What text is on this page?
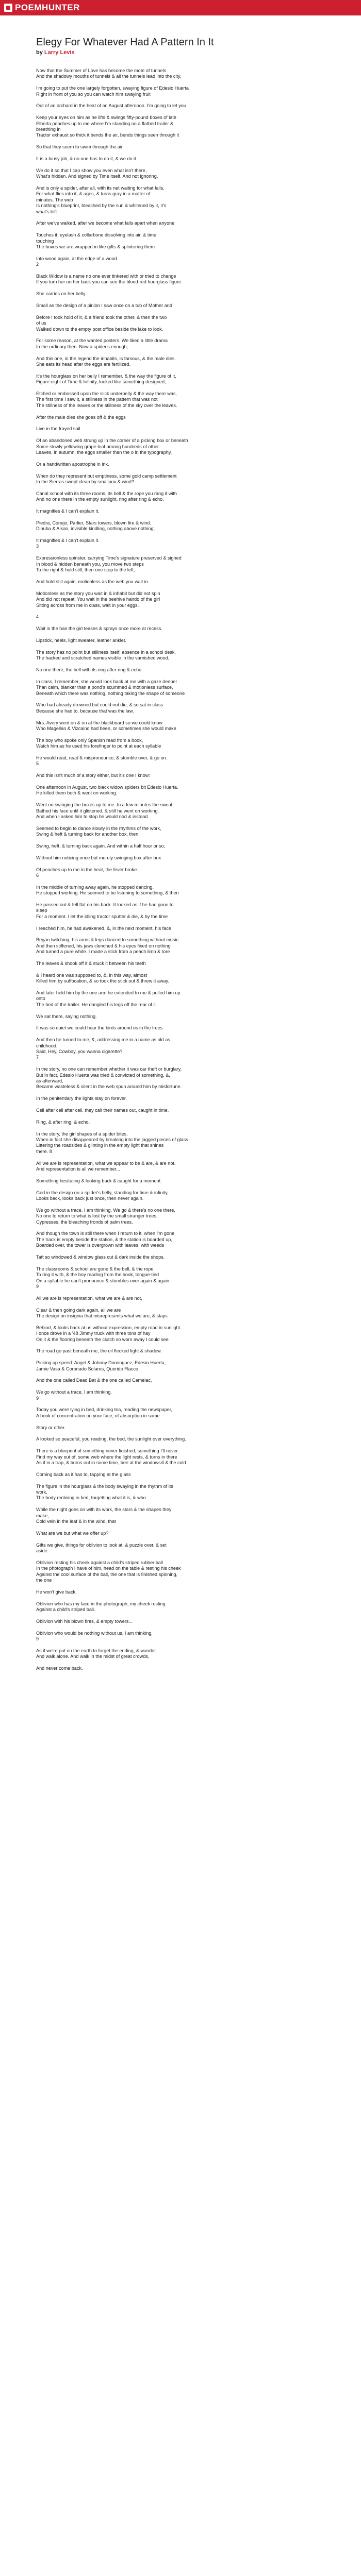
POEMHUNTER
Elegy For Whatever Had A Pattern In It
by Larry Levis

Now that the Summer of Love has become the mote of tunnels

And the shadowy mouths of tunnels & all the tunnels lead into the city,

I'm going to put the one largely forgotten, swaying figure of Edesio Huerta

Right in front of you so you can watch him swaying fruit

Out of an orchard in the heat of an August afternoon. I'm going to let you

Keep your eyes on him as he lifts & swings fifty-pound boxes of late

Elberta peaches up to me where I'm standing on a flatbed trailer &

breathing in

Tractor exhaust so thick it bends the air, bends things seen through it

So that they seem to swim through the air.

It is a lousy job, & no one has to do it, & we do it.

We do it so that I can show you even what isn't there,

What's hidden. And signed by Time itself. And not ignoring,

And is only a spider, after all, with its net waiting for what falls,

For what flies into it, & ages, & turns gray in a matter of

minutes. The web

Is nothing's blueprint, bleached by the sun & whitened by it, it's

what's left

After we've walked, after we become what falls apart when anyone

Touches it, eyelash & collarbone dissolving into air, & time

touching

The boxes we are wrapped in like gifts & splintering them

Into wood again, at the edge of a wood.

2

Black Widow is a name no one ever tinkered with or tried to change

If you turn her on her back you can see the blood-red hourglass figure

She carries on her belly.

Small as the design of a pinion I saw once on a tub of Mother and

Before I took hold of it, & a friend took the other, & then the two

of us

Walked down to the empty post office beside the lake to look,

For some reason, at the wanted posters. We liked a little drama

In the ordinary then. Now a spider's enough;

And this one, in the legend the inhabits, is famous, & the male dies.

She eats its head after the eggs are fertilized.

It's the hourglass on her belly I remember, & the way the figure of it,

Figure eight of Time & Infinity, looked like something designed,

Etched or embossed upon the slick underbelly & the way there was,

The first time I saw it, a stillness in the pattern that was not

The stillness of the leaves or the stillness of the sky over the leaves.

After the male dies she goes off & the eggs

Live in the frayed sail

Of an abandoned web strung up in the corner of a picking box or beneath

Some slowly yellowing grape leaf among hundreds of other

Leaves, in autumn, the eggs smaller than the o in the typography,

Or a handwritten apostrophe in ink.

When do they represent but emptiness, some gold camp settlement

In the Sierras swept clean by smallpox & wind?

Canal school with its three rooms, its bell & the rope you rang it with

And no one there in the empty sunlight, ring after ring & echo.

It magnifies & I can't explain it.

Piedra, Conejo, Parlier, Stars towers, blown fire & wind.

Dinuba & Alkan, invisible kindling, nothing above nothing;

It magnifies & I can't explain it.

3

Expressionless spinster, carrying Time's signature preserved & signed

In blood & hidden beneath you, you move two steps

To the right & hold still, then one step to the left,

And hold still again, motionless as the web you wait in.

Motionless as the story you wait in & inhabit but did not spin

And did not repeat. You wait in the beehive hairdo of the girl

Sitting across from me in class, wait in your eggs.

4

Wait in the hair the girl teases & sprays once more at recess.

Lipstick, heels, light sweater, leather anklet.

The story has no point but stillness itself, absence in a school desk,

The hacked and scratched names visible in the varnished wood,

No one there, the bell with its ring after ring & echo.

In class, I remember, she would look back at me with a gaze deeper

Than calm, blanker than a pond's scummed & motionless surface,

Beneath which there was nothing, nothing taking the shape of someone

Who had already drowned but could not die, & so sat in class

Because she had to, because that was the law.

Mrs. Avery went on & on at the blackboard so we could know

Who Magellan & Vizcaino had been, or sometimes she would make

The boy who spoke only Spanish read from a book,

Watch him as he used his forefinger to point at each syllable

He would read, read & mispronounce, & stumble over, & go on.

5

And this isn't much of a story either, but it's one I know:

One afternoon in August, two black widow spiders bit Edesio Huerta.

He killed them both & went on working.

Went on swinging the boxes up to me. In a few minutes the sweat

Bathed his face until it glistened, & still he went on working.

And when I asked him to stop he would nod & instead

Seemed to begin to dance slowly in the rhythms of the work,

Swing & heft & turning back for another box, then

Swing, heft, & turning back again. And within a half hour or so,

Without him noticing once but merely swinging box after box

Of peaches up to me in the heat, the fever broke.

6

In the middle of turning away again, he stopped dancing.

He stopped working. He seemed to be listening to something, & then

He passed out & fell flat on his back. It looked as if he had gone to

sleep

For a moment. I let the idling tractor sputter & die, & by the time

I reached him, he had awakened, &, in the next moment, his face

Began twitching, his arms & legs danced to something without music

And then stiffened, his jaws clenched & his eyes fixed on nothing

And turned a pure white. I made a stick from a peach limb & tore

The leaves & shook off it & stuck it between his teeth

& I heard one was supposed to, &, in this way, almost

Killed him by suffocation, & so took the stick out & threw it away.

And later held him by the one arm he extended to me & pulled him up

onto

The bed of the trailer. He dangled his legs off the rear of it.

We sat there, saying nothing.

It was so quiet we could hear the birds around us in the trees.

And then he turned to me, &, addressing me in a name as old as

childhood,

Said, Hey, Cowboy, you wanna cigarette?

7

In the story, no one can remember whether it was car theft or burglary,

But in fact, Edesio Huerta was tried & convicted of something, &,

as afterward,

Became wasteless & silent in the web spun around him by misfortune.

In the penitentiary the lights stay on forever,

Cell after cell after cell, they call their names out, caught in time.

Ring, & after ring, & echo.

In the story, the girl shapes of a spider bites,

When in fact she disappeared by breaking into the jagged pieces of glass

Littering the roadsides & glinting in the empty light that shines

there. 8

All we are is representation, what we appear to be & are, & are not,

And representation is all we remember...

Something hesitating & looking back & caught for a moment.

God in the design on a spider's belly, standing for time & infinity,

Looks back, looks back just once, then never again.

We go without a trace, I am thinking. We go & there's no one there,

No one to return to what is lost by the small stranger trees,

Cypresses, the bleaching fronds of palm trees,

And though the town is still there when I return to it, when I'm gone

The track is empty beside the station, & the station is boarded up,

Boarded over, the tower is overgrown with leaves, with weeds

Taft so windowed & window glass cut & dark inside the shops.

The classrooms & school are gone & the bell, & the rope

To ring it with, & the boy reading from the book, tongue-tied

On a syllable he can't pronounce & stumbles over again & again.

9

All we are is representation, what we are & are not,

Clear & then going dark again, all we are

The design on insignia that misrepresents what we are, & stays

Behind, & looks back at us without expression, empty road in sunlight.

I once drove in a '48 Jimmy truck with three tons of hay

On it & the flooring beneath the clutch so worn away I could see

The road go past beneath me, the oil flecked light & shadow.

Picking up speed: Angel & Johnny Dominguez, Edesio Huerta,

Jamie Vasa & Coronado Solares, Querido Flacco

And the one called Dead Bat & the one called Camelac,

We go without a trace, I am thinking.

9

Today you were lying in bed, drinking tea, reading the newspaper,

A book of concentration on your face, of absorption in some

Story or other.

A looked so peaceful, you reading, the bed, the sunlight over everything.

There is a blueprint of something never finished, something I'll never

Find my way out of, some web where the light rests, & turns in there

As if in a trap, & burns out in some time, bee at the windowsill & the cold

Coming back as it has to, tapping at the glass

The figure in the hourglass & the body swaying in the rhythm of its

work,

The body reclining in bed, forgetting what it is, & who

While the night goes on with its work, the stars & the shapes they

make,

Cold vein in the leaf & in the wind, that

What are we but what we offer up?

Gifts we give, things for oblivion to look at, & puzzle over, & set

aside.

Oblivion resting his cheek against a child's striped rubber ball

In the photograph I have of him, head on the table & resting his cheek

Against the cool surface of the ball, the one that is finished spinning,

the one

He won't give back.

Oblivion who has my face in the photograph, my cheek resting

Against a child's striped ball.

Oblivion with his blown fires, & empty towers...

Oblivion who would be nothing without us, I am thinking,

9

As if we're put on the earth to forget the ending, & wander.

And walk alone. And walk in the midst of great crowds,

And never come back.
